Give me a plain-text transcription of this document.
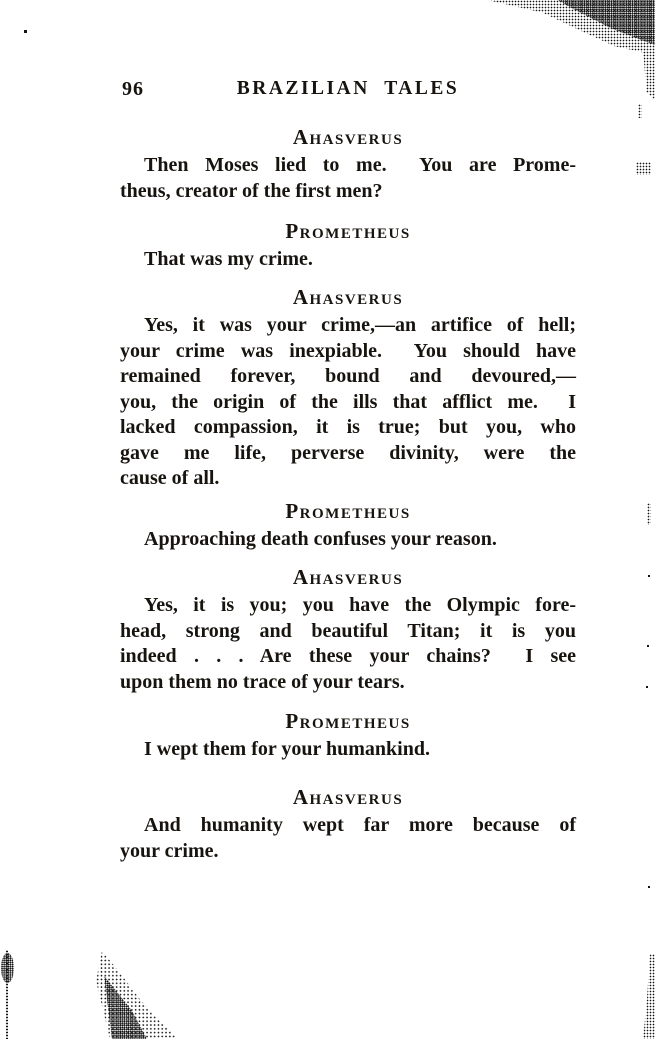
96	BRAZILIAN  TALES
Ahasverus
Then Moses lied to me.  You are Prome-
theus, creator of the first men?
Prometheus
That was my crime.
Ahasverus
Yes, it was your crime,—an artifice of hell;
your crime was inexpiable.  You should have
remained forever, bound and devoured,—
you, the origin of the ills that afflict me.  I
lacked compassion, it is true; but you, who
gave me life, perverse divinity, were the
cause of all.
Prometheus
Approaching death confuses your reason.
Ahasverus
Yes, it is you; you have the Olympic fore-
head, strong and beautiful Titan; it is you
indeed . . . Are these your chains?  I see
upon them no trace of your tears.
Prometheus
I wept them for your humankind.
Ahasverus
And humanity wept far more because of
your crime.
